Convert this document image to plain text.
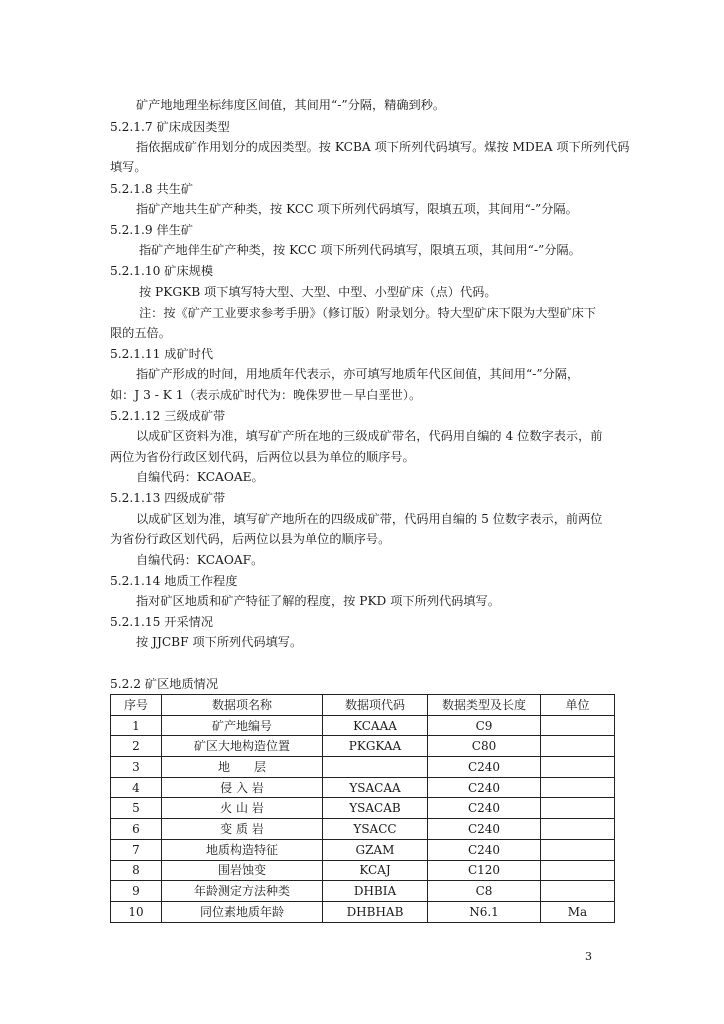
矿产地地理坐标纬度区间值，其间用“-”分隔，精确到秒。
5.2.1.7 矿床成因类型
指依据成矿作用划分的成因类型。按 KCBA 项下所列代码填写。煤按 MDEA 项下所列代码
填写。
5.2.1.8 共生矿
指矿产地共生矿产种类，按 KCC 项下所列代码填写，限填五项，其间用“-”分隔。
5.2.1.9 伴生矿
指矿产地伴生矿产种类，按 KCC 项下所列代码填写，限填五项，其间用“-”分隔。
5.2.1.10 矿床规模
按 PKGKB 项下填写特大型、大型、中型、小型矿床（点）代码。
注：按《矿产工业要求参考手册》（修订版）附录划分。特大型矿床下限为大型矿床下
限的五倍。
5.2.1.11 成矿时代
指矿产形成的时间，用地质年代表示，亦可填写地质年代区间值，其间用“-”分隔，
如：J 3 - K 1（表示成矿时代为：晚侏罗世－早白垩世）。
5.2.1.12 三级成矿带
以成矿区资料为准，填写矿产所在地的三级成矿带名，代码用自编的 4 位数字表示，前
两位为省份行政区划代码，后两位以县为单位的顺序号。
自编代码：KCAOAE。
5.2.1.13 四级成矿带
以成矿区划为准，填写矿产地所在的四级成矿带，代码用自编的 5 位数字表示，前两位
为省份行政区划代码，后两位以县为单位的顺序号。
自编代码：KCAOAF。
5.2.1.14 地质工作程度
指对矿区地质和矿产特征了解的程度，按 PKD 项下所列代码填写。
5.2.1.15 开采情况
按 JJCBF 项下所列代码填写。
5.2.2 矿区地质情况
序号	数据项名称	数据项代码	数据类型及长度	单位
1	矿产地编号	KCAAA	C9	
2	矿区大地构造位置	PKGKAA	C80	
3	地　　层		C240	
4	侵 入 岩	YSACAA	C240	
5	火 山 岩	YSACAB	C240	
6	变 质 岩	YSACC	C240	
7	地质构造特征	GZAM	C240	
8	围岩蚀变	KCAJ	C120	
9	年龄测定方法种类	DHBIA	C8	
10	同位素地质年龄	DHBHAB	N6.1	Ma
3
